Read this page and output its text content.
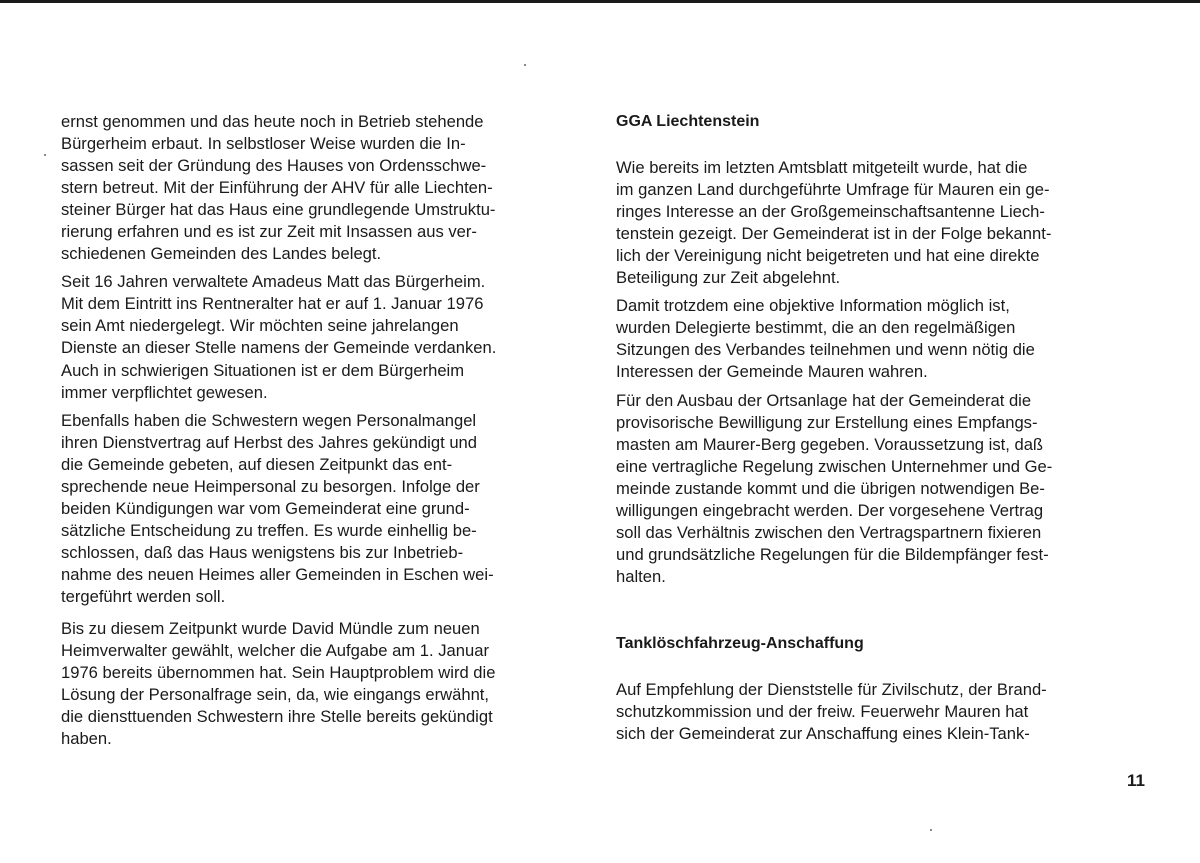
ernst genommen und das heute noch in Betrieb stehende
Bürgerheim erbaut. In selbstloser Weise wurden die In-
sassen seit der Gründung des Hauses von Ordensschwe-
stern betreut. Mit der Einführung der AHV für alle Liechten-
steiner Bürger hat das Haus eine grundlegende Umstruktu-
rierung erfahren und es ist zur Zeit mit Insassen aus ver-
schiedenen Gemeinden des Landes belegt.

Seit 16 Jahren verwaltete Amadeus Matt das Bürgerheim.
Mit dem Eintritt ins Rentneralter hat er auf 1. Januar 1976
sein Amt niedergelegt. Wir möchten seine jahrelangen
Dienste an dieser Stelle namens der Gemeinde verdanken.
Auch in schwierigen Situationen ist er dem Bürgerheim
immer verpflichtet gewesen.

Ebenfalls haben die Schwestern wegen Personalmangel
ihren Dienstvertrag auf Herbst des Jahres gekündigt und
die Gemeinde gebeten, auf diesen Zeitpunkt das ent-
sprechende neue Heimpersonal zu besorgen. Infolge der
beiden Kündigungen war vom Gemeinderat eine grund-
sätzliche Entscheidung zu treffen. Es wurde einhellig be-
schlossen, daß das Haus wenigstens bis zur Inbetrieb-
nahme des neuen Heimes aller Gemeinden in Eschen wei-
tergeführt werden soll.

Bis zu diesem Zeitpunkt wurde David Mündle zum neuen
Heimverwalter gewählt, welcher die Aufgabe am 1. Januar
1976 bereits übernommen hat. Sein Hauptproblem wird die
Lösung der Personalfrage sein, da, wie eingangs erwähnt,
die diensttuenden Schwestern ihre Stelle bereits gekündigt
haben.

GGA Liechtenstein

Wie bereits im letzten Amtsblatt mitgeteilt wurde, hat die
im ganzen Land durchgeführte Umfrage für Mauren ein ge-
ringes Interesse an der Großgemeinschaftsantenne Liech-
tenstein gezeigt. Der Gemeinderat ist in der Folge bekannt-
lich der Vereinigung nicht beigetreten und hat eine direkte
Beteiligung zur Zeit abgelehnt.

Damit trotzdem eine objektive Information möglich ist,
wurden Delegierte bestimmt, die an den regelmäßigen
Sitzungen des Verbandes teilnehmen und wenn nötig die
Interessen der Gemeinde Mauren wahren.

Für den Ausbau der Ortsanlage hat der Gemeinderat die
provisorische Bewilligung zur Erstellung eines Empfangs-
masten am Maurer-Berg gegeben. Voraussetzung ist, daß
eine vertragliche Regelung zwischen Unternehmer und Ge-
meinde zustande kommt und die übrigen notwendigen Be-
willigungen eingebracht werden. Der vorgesehene Vertrag
soll das Verhältnis zwischen den Vertragspartnern fixieren
und grundsätzliche Regelungen für die Bildempfänger fest-
halten.

Tanklöschfahrzeug-Anschaffung

Auf Empfehlung der Dienststelle für Zivilschutz, der Brand-
schutzkommission und der freiw. Feuerwehr Mauren hat
sich der Gemeinderat zur Anschaffung eines Klein-Tank-

11
